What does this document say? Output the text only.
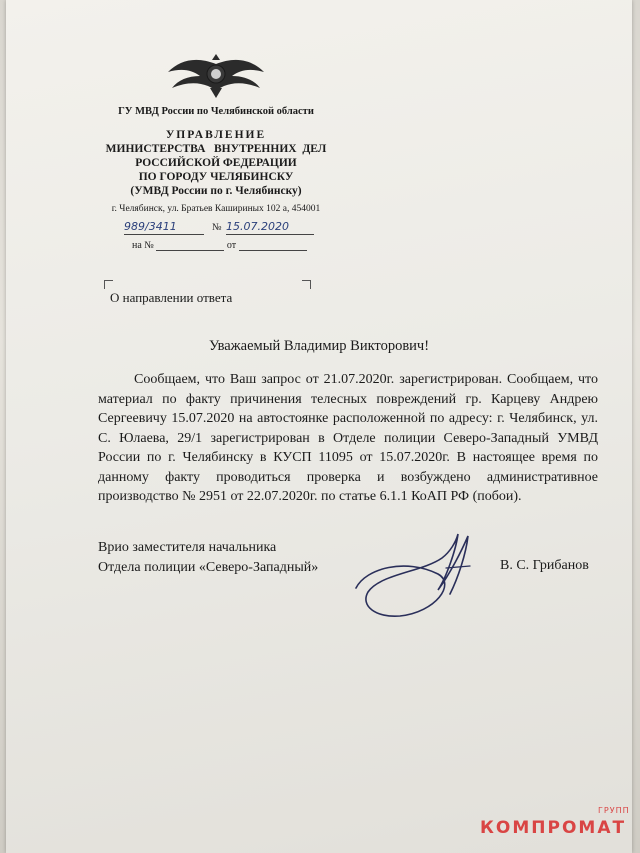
ГУ МВД России по Челябинской области
УПРАВЛЕНИЕ
МИНИСТЕРСТВА   ВНУТРЕННИХ  ДЕЛ
РОССИЙСКОЙ ФЕДЕРАЦИИ
ПО ГОРОДУ ЧЕЛЯБИНСКУ
(УМВД России по г. Челябинску)
г. Челябинск, ул. Братьев Кашириных 102 а, 454001
989/3411	№ 15.07.2020
на №	от
О направлении ответа
Уважаемый Владимир Викторович!

Сообщаем, что Ваш запрос от 21.07.2020г. зарегистрирован. Сообщаем, что материал по факту причинения телесных повреждений гр. Карцеву Андрею Сергеевичу 15.07.2020 на автостоянке расположенной по адресу: г. Челябинск, ул. С. Юлаева, 29/1 зарегистрирован в Отделе полиции Северо-Западный УМВД России по г. Челябинску в КУСП 11095 от 15.07.2020г. В настоящее время по данному факту проводиться проверка и возбуждено административное производство № 2951 от 22.07.2020г. по статье 6.1.1 КоАП РФ (побои).

Врио заместителя начальника
Отдела полиции «Северо-Западный»	В. С. Грибанов
КОМПРОМАТ
ГРУПП
